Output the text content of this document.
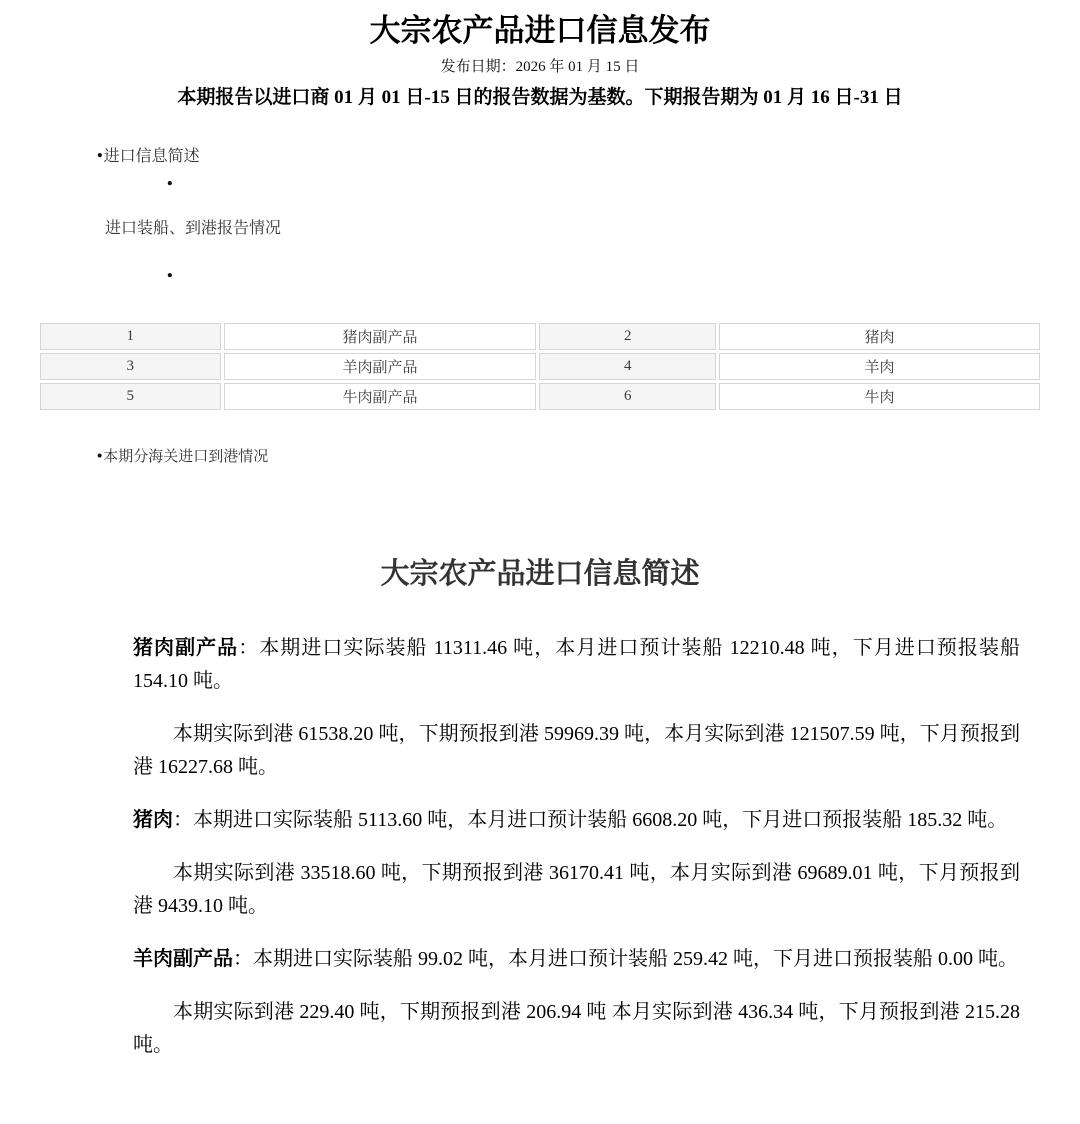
大宗农产品进口信息发布
发布日期：2026 年 01 月 15 日
本期报告以进口商 01 月 01 日-15 日的报告数据为基数。下期报告期为 01 月 16 日-31 日
•进口信息简述
•
进口装船、到港报告情况
•
1	猪肉副产品	2	猪肉
3	羊肉副产品	4	羊肉
5	牛肉副产品	6	牛肉
•本期分海关进口到港情况
大宗农产品进口信息简述

猪肉副产品：本期进口实际装船 11311.46 吨，本月进口预计装船 12210.48 吨，下月进口预报装船 154.10 吨。

本期实际到港 61538.20 吨，下期预报到港 59969.39 吨，本月实际到港 121507.59 吨，下月预报到港 16227.68 吨。

猪肉：本期进口实际装船 5113.60 吨，本月进口预计装船 6608.20 吨，下月进口预报装船 185.32 吨。

本期实际到港 33518.60 吨，下期预报到港 36170.41 吨，本月实际到港 69689.01 吨，下月预报到港 9439.10 吨。

羊肉副产品：本期进口实际装船 99.02 吨，本月进口预计装船 259.42 吨，下月进口预报装船 0.00 吨。

本期实际到港 229.40 吨，下期预报到港 206.94 吨 本月实际到港 436.34 吨，下月预报到港 215.28 吨。
